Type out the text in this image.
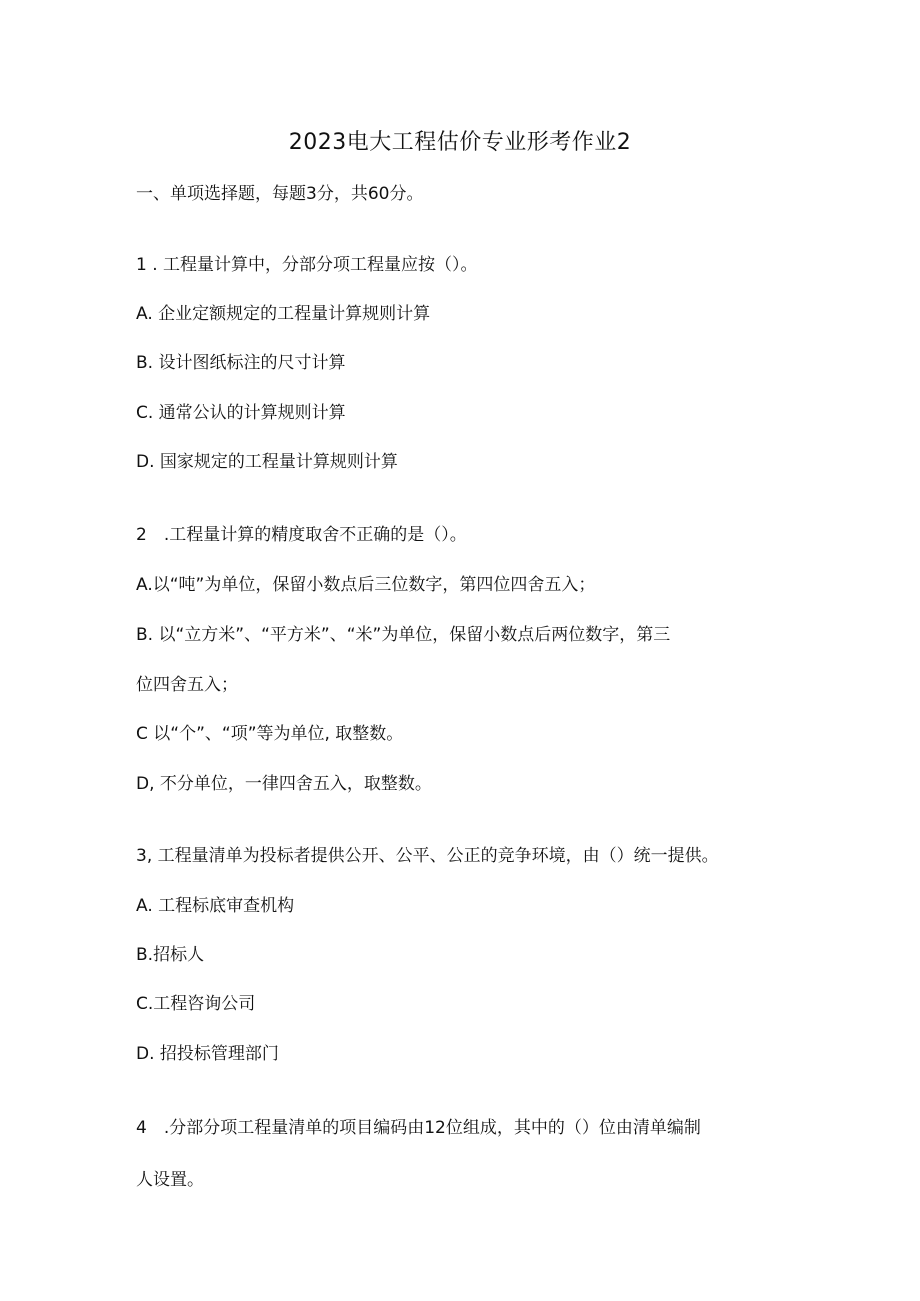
2023电大工程估价专业形考作业2
一、单项选择题，每题3分，共60分。
1 . 工程量计算中，分部分项工程量应按（）。
A. 企业定额规定的工程量计算规则计算
B. 设计图纸标注的尺寸计算
C. 通常公认的计算规则计算
D. 国家规定的工程量计算规则计算
2　.工程量计算的精度取舍不正确的是（）。
A.以“吨”为单位，保留小数点后三位数字，第四位四舍五入；
B. 以“立方米”、“平方米”、“米”为单位，保留小数点后两位数字，第三
位四舍五入；
C 以“个”、“项”等为单位, 取整数。
D, 不分单位，一律四舍五入，取整数。
3, 工程量清单为投标者提供公开、公平、公正的竞争环境，由（）统一提供。
A. 工程标底审查机构
B.招标人
C.工程咨询公司
D. 招投标管理部门
4　.分部分项工程量清单的项目编码由12位组成，其中的（）位由清单编制
人设置。
